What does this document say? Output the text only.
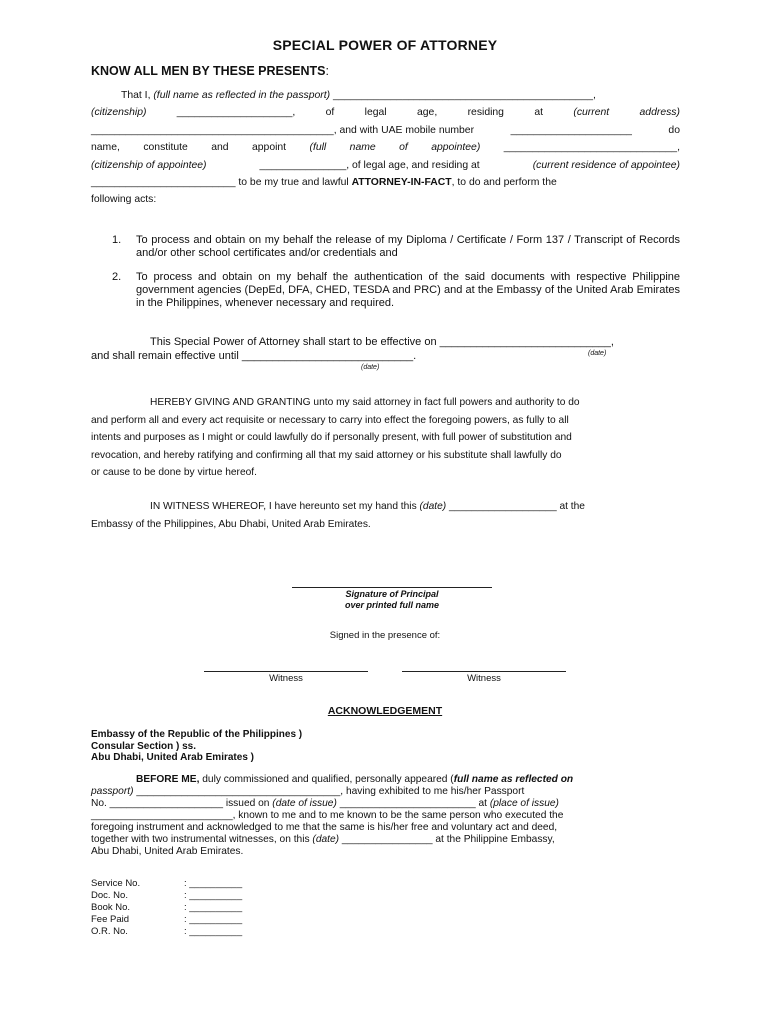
SPECIAL POWER OF ATTORNEY
KNOW ALL MEN BY THESE PRESENTS:
That I, (full name as reflected in the passport) _____________________________________________,
(citizenship)	____________________,	of	legal	age,	residing	at	(current	address)
__________________________________________, and with UAE mobile number	_____________________	do
name, constitute and appoint (full name of appointee) ______________________________,
(citizenship of appointee)	_______________, of legal age, and residing at	(current residence of appointee)
_________________________ to be my true and lawful ATTORNEY-IN-FACT, to do and perform the
following acts:
1.	To process and obtain on my behalf the release of my Diploma / Certificate / Form 137 / Transcript of Records and/or other school certificates and/or credentials and
2.	To process and obtain on my behalf the authentication of the said documents with respective Philippine government agencies (DepEd, DFA, CHED, TESDA and PRC) and at the Embassy of the United Arab Emirates in the Philippines, whenever necessary and required.
This Special Power of Attorney shall start to be effective on ____________________________,
(date)
and shall remain effective until ____________________________.
(date)
HEREBY GIVING AND GRANTING unto my said attorney in fact full powers and authority to do
and perform all and every act requisite or necessary to carry into effect the foregoing powers, as fully to all
intents and purposes as I might or could lawfully do if personally present, with full power of substitution and
revocation, and hereby ratifying and confirming all that my said attorney or his substitute shall lawfully do
or cause to be done by virtue hereof.
IN WITNESS WHEREOF, I have hereunto set my hand this (date) ___________________ at the
Embassy of the Philippines, Abu Dhabi, United Arab Emirates.
Signature of Principal
over printed full name
Signed in the presence of:
Witness	Witness
ACKNOWLEDGEMENT
Embassy of the Republic of the Philippines )
Consular Section ) ss.
Abu Dhabi, United Arab Emirates )
BEFORE ME, duly commissioned and qualified, personally appeared (full name as reflected on
passport) ____________________________________, having exhibited to me his/her Passport
No. ____________________ issued on (date of issue) ________________________ at (place of issue)
_________________________, known to me and to me known to be the same person who executed the
foregoing instrument and acknowledged to me that the same is his/her free and voluntary act and deed,
together with two instrumental witnesses, on this (date) ________________ at the Philippine Embassy,
Abu Dhabi, United Arab Emirates.
Service No.	: __________
Doc. No.	: __________
Book No.	: __________
Fee Paid	: __________
O.R. No.	: __________
